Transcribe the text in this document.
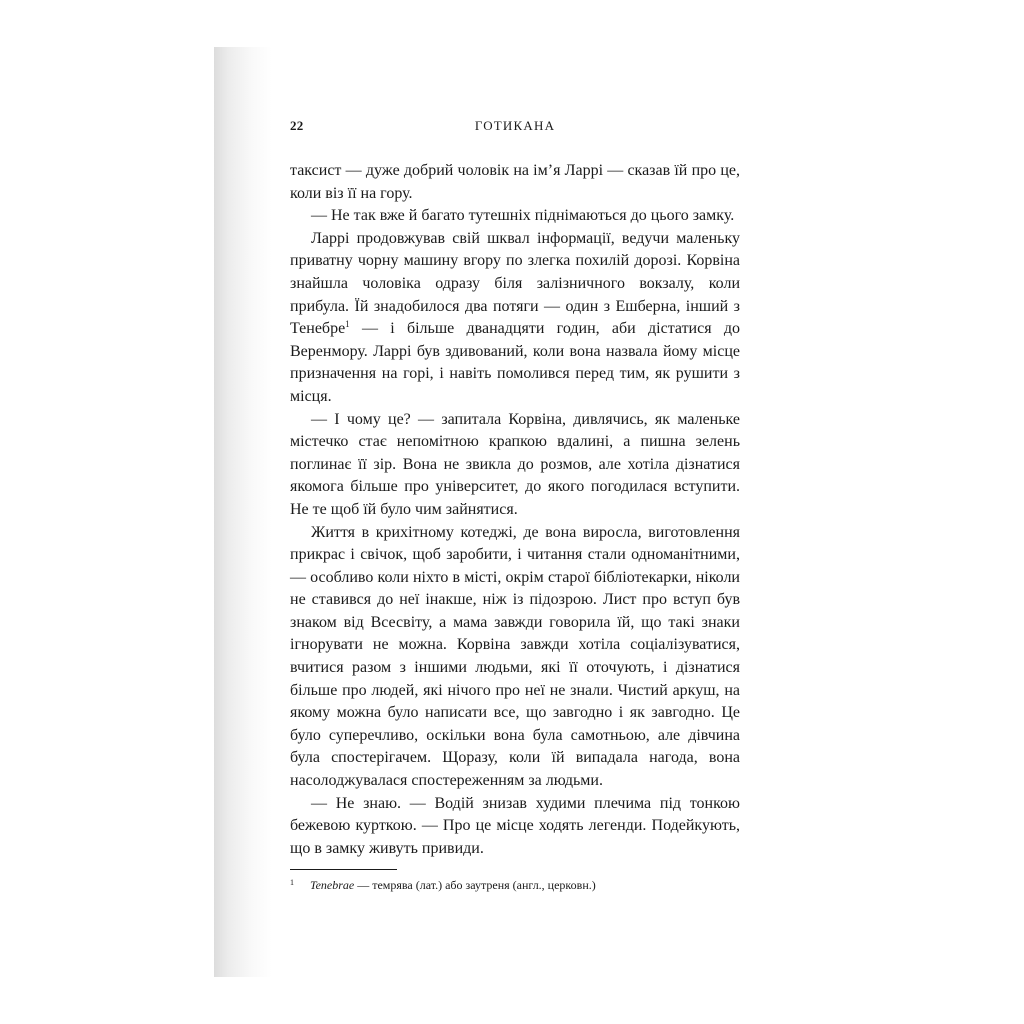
22	ГОТИКАНА

таксист — дуже добрий чоловік на ім’я Ларрі — сказав їй про це, коли віз її на гору.

— Не так вже й багато тутешніх піднімаються до цього замку.

Ларрі продовжував свій шквал інформації, ведучи маленьку приватну чорну машину вгору по злегка похилій дорозі. Корвіна знайшла чоловіка одразу біля залізничного вокзалу, коли прибула. Їй знадобилося два потяги — один з Ешберна, інший з Тенебре$^1$ — і більше дванадцяти годин, аби дістатися до Веренмору. Ларрі був здивований, коли вона назвала йому місце призначення на горі, і навіть помолився перед тим, як рушити з місця.

— І чому це? — запитала Корвіна, дивлячись, як маленьке містечко стає непомітною крапкою вдалині, а пишна зелень поглинає її зір. Вона не звикла до розмов, але хотіла дізнатися якомога більше про університет, до якого погодилася вступити. Не те щоб їй було чим зайнятися.

Життя в крихітному котеджі, де вона виросла, виготовлення прикрас і свічок, щоб заробити, і читання стали одноманітними, — особливо коли ніхто в місті, окрім старої бібліотекарки, ніколи не ставився до неї інакше, ніж із підозрою. Лист про вступ був знаком від Всесвіту, а мама завжди говорила їй, що такі знаки ігнорувати не можна. Корвіна завжди хотіла соціалізуватися, вчитися разом з іншими людьми, які її оточують, і дізнатися більше про людей, які нічого про неї не знали. Чистий аркуш, на якому можна було написати все, що завгодно і як завгодно. Це було суперечливо, оскільки вона була самотньою, але дівчина була спостерігачем. Щоразу, коли їй випадала нагода, вона насолоджувалася спостереженням за людьми.

— Не знаю. — Водій знизав худими плечима під тонкою бежевою курткою. — Про це місце ходять легенди. Подейкують, що в замку живуть привиди.

1 Tenebrae — темрява (лат.) або заутреня (англ., церковн.)
